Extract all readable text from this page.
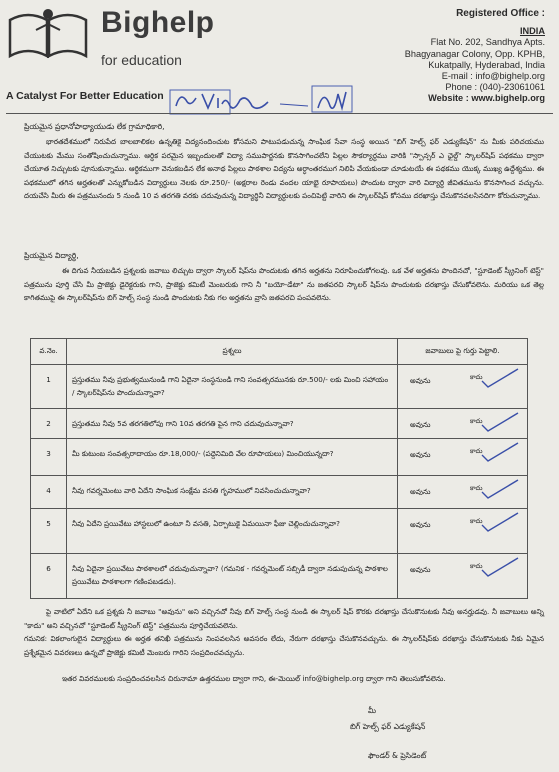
Bighelp
for education
A Catalyst For Better Education
Registered Office :
INDIA
Flat No. 202, Sandhya Apts.
Bhagyanagar Colony, Opp. KPHB,
Kukatpally, Hyderabad, India
E-mail : info@bighelp.org
Phone : (040)-23061061
Website : www.bighelp.org
ప్రియమైన ప్రధానోపాధ్యాయుడు లేక గ్రామాధికారి,
భారతదేశములో నిరుపేద బాలబాలికల ఉన్నతికై విద్యనందించుట కోసమని పాటుపడుచున్న సాంఘిక సేవా సంస్థ అయిన "బిగ్ హెల్ప్ ఫర్ ఎడ్యుకేషన్" ను మీకు పరిచయము చేయుటకు మేము సంతోషించుచున్నాము. ఆర్థిక పరమైన ఇబ్బందులతో విద్యా సముపార్జనకు కొనసాగించలేని పిల్లల సౌకర్యార్థము వారికి "స్పాన్సర్ ఎ ఛైల్డ్" స్కాలర్‌షిప్ పథకము ద్వారా చేయూత నిచ్చుటకు పూనుకున్నాము. ఆర్థికముగా వెనుకబడిన లేక అనాథ పిల్లలు పాఠశాల విద్యను అర్ధాంతరముగ నిలిపి వేయకుండా చూడుటయే ఈ పథకము యొక్క ముఖ్య ఉద్దేశ్యము. ఈ పథకములో తగిన అర్హతలతో ఎన్నుకోబడిన విద్యార్థులు నెలకు రూ.250/- (అక్షరాల రెండు వందల యాభై రూపాయలు) పొందుట ద్వారా వారి విద్యార్థి జీవితమును కొనసాగించ వచ్చును. దయచేసి మీరు ఈ పత్రమునందు 5 నుండి 10 వ తరగతి వరకు చదువుచున్న విద్యార్థినీ విద్యార్థులకు పంచిపెట్టి వారిని ఈ స్కాలర్‌షిప్ కోసము దరఖాస్తు చేసుకొనవలసినదిగా కోరుచున్నాము.
ప్రియమైన విద్యార్థి,
ఈ దిగువ నీయబడిన ప్రశ్నలకు జవాబు లిచ్చుట ద్వారా స్కాలర్ షిప్‌ను పొందుటకు తగిన అర్హతను నిరూపించుకోగలవు. ఒక వేళ అర్హతను పొందినచో, "స్టూడెంట్ స్క్రీనింగ్ టెస్ట్" పత్రమును పూర్తి చేసి మీ ప్రాజెక్టు డైరెక్టరుకు గాని, ప్రాజెక్టు కమిటీ మెంబరుకు గాని నీ "బయో-డేటా" ను జతపరచి స్కాలర్ షిప్‌ను పొందుటకు దరఖాస్తు చేసుకోవలెను. మరియు ఒక తెల్ల కాగితముపై ఈ స్కాలర్‌షిప్‌ను బిగ్ హెల్ప్ సంస్థ నుండి పొందుటకు నీకు గల అర్హతను వ్రాసి జతపరచి పంపవలెను.
వ.నెం.	ప్రశ్నలు	జవాబులు పై గుర్తు పెట్టాలి.
1	ప్రస్తుతము నీవు ప్రభుత్వమునుండి గాని ఏదైనా సంస్థనుండి గాని సంవత్సరమునకు రూ.500/- లకు మించి సహాయం / స్కాలర్‌షిప్‌ను పొందుచున్నావా?	అవును కాదు

2	ప్రస్తుతము నీవు 5వ తరగతిలోపు గాని 10వ తరగతి పైన గాని చదువుచున్నావా?	అవును కాదు

3	మీ కుటుంబ సంవత్సరాదాయం రూ.18,000/- (పద్దెనిమిది వేల రూపాయలు) మించియున్నదా?	అవును కాదు

4	నీవు గవర్నమెంటు వారి ఏదేని సాంఘిక సంక్షేమ వసతి గృహములో నివసించుచున్నావా?	అవును కాదు

5	నీవు ఏదేని ప్రయివేటు హాస్టలులో ఉంటూ నీ వసతి, ఏర్పాటుకై ఏమయినా ఫీజు చెల్లించుచున్నావా?	అవును కాదు

6	నీవు ఏదైనా ప్రయివేటు పాఠశాలలో చదువుచున్నావా? (గమనిక - గవర్నమెంట్ సబ్సిడీ ద్వారా నడుపుచున్న పాఠశాల ప్రయివేటు పాఠశాలగా గణింపబడదు).	అవును కాదు
పై వాటిలో ఏదేని ఒక ప్రశ్నకు నీ జవాబు "అవును" అని వచ్చినచో నీవు బిగ్ హెల్ప్ సంస్థ నుండి ఈ స్కాలర్ షిప్ కొరకు దరఖాస్తు చేసుకొనుటకు నీవు అనర్హుడవు. నీ జవాబులు అన్ని "కాదు" అని వచ్చినచో "స్టూడెంట్ స్క్రీనింగ్ టెస్ట్" పత్రమును పూర్తిచేయవలెను.
గమనిక: వికలాంగులైన విద్యార్థులు ఈ అర్హత తనిఖీ పత్రమును నింపవలసిన అవసరం లేదు, నేరుగా దరఖాస్తు చేసుకొనవచ్చును. ఈ స్కాలర్‌షిప్‌కు దరఖాస్తు చేసుకొనుటకు నీకు ఏమైన ప్రశ్నేకమైన వివరణలు ఉన్నచో ప్రాజెక్టు కమిటీ మెంబరు గారిని సంప్రదించవచ్చును.
ఇతర వివరములకు సంప్రదించవలసిన చిరునామా ఉత్తరముల ద్వారా గాని, ఈ-మెయిల్ info@bighelp.org ద్వారా గాని తెలుసుకోవలెను.
మీ
బిగ్ హెల్ప్ ఫర్ ఎడ్యుకేషన్
ఫౌండర్ & ప్రెసిడెంట్
